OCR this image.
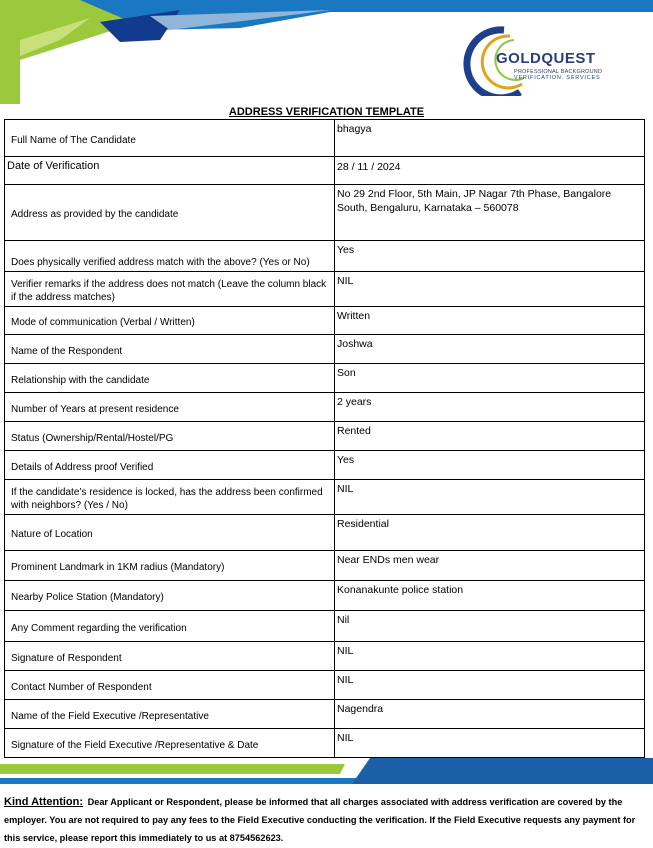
GOLDQUEST
PROFESSIONAL BACKGROUND
VERIFICATION. SERVICES
ADDRESS VERIFICATION TEMPLATE
Full Name of The Candidate	bhagya
Date of Verification	28 / 11 / 2024
Address as provided by the candidate	No 29 2nd Floor, 5th Main, JP Nagar 7th Phase, Bangalore South, Bengaluru, Karnataka – 560078
Does physically verified address match with the above? (Yes or No)	Yes
Verifier remarks if the address does not match (Leave the column black if the address matches)	NIL
Mode of communication (Verbal / Written)	Written
Name of the Respondent	Joshwa
Relationship with the candidate	Son
Number of Years at present residence	2 years
Status (Ownership/Rental/Hostel/PG	Rented
Details of Address proof Verified	Yes
If the candidate’s residence is locked, has the address been confirmed with neighbors? (Yes / No)	NIL
Nature of Location	Residential
Prominent Landmark in 1KM radius (Mandatory)	Near ENDs men wear
Nearby Police Station (Mandatory)	Konanakunte police station
Any Comment regarding the verification	Nil
Signature of Respondent	NIL
Contact Number of Respondent	NIL
Name of the Field Executive /Representative	Nagendra
Signature of the Field Executive /Representative & Date	NIL
Kind Attention: Dear Applicant or Respondent, please be informed that all charges associated with address verification are covered by the employer. You are not required to pay any fees to the Field Executive conducting the verification. If the Field Executive requests any payment for this service, please report this immediately to us at 8754562623.
